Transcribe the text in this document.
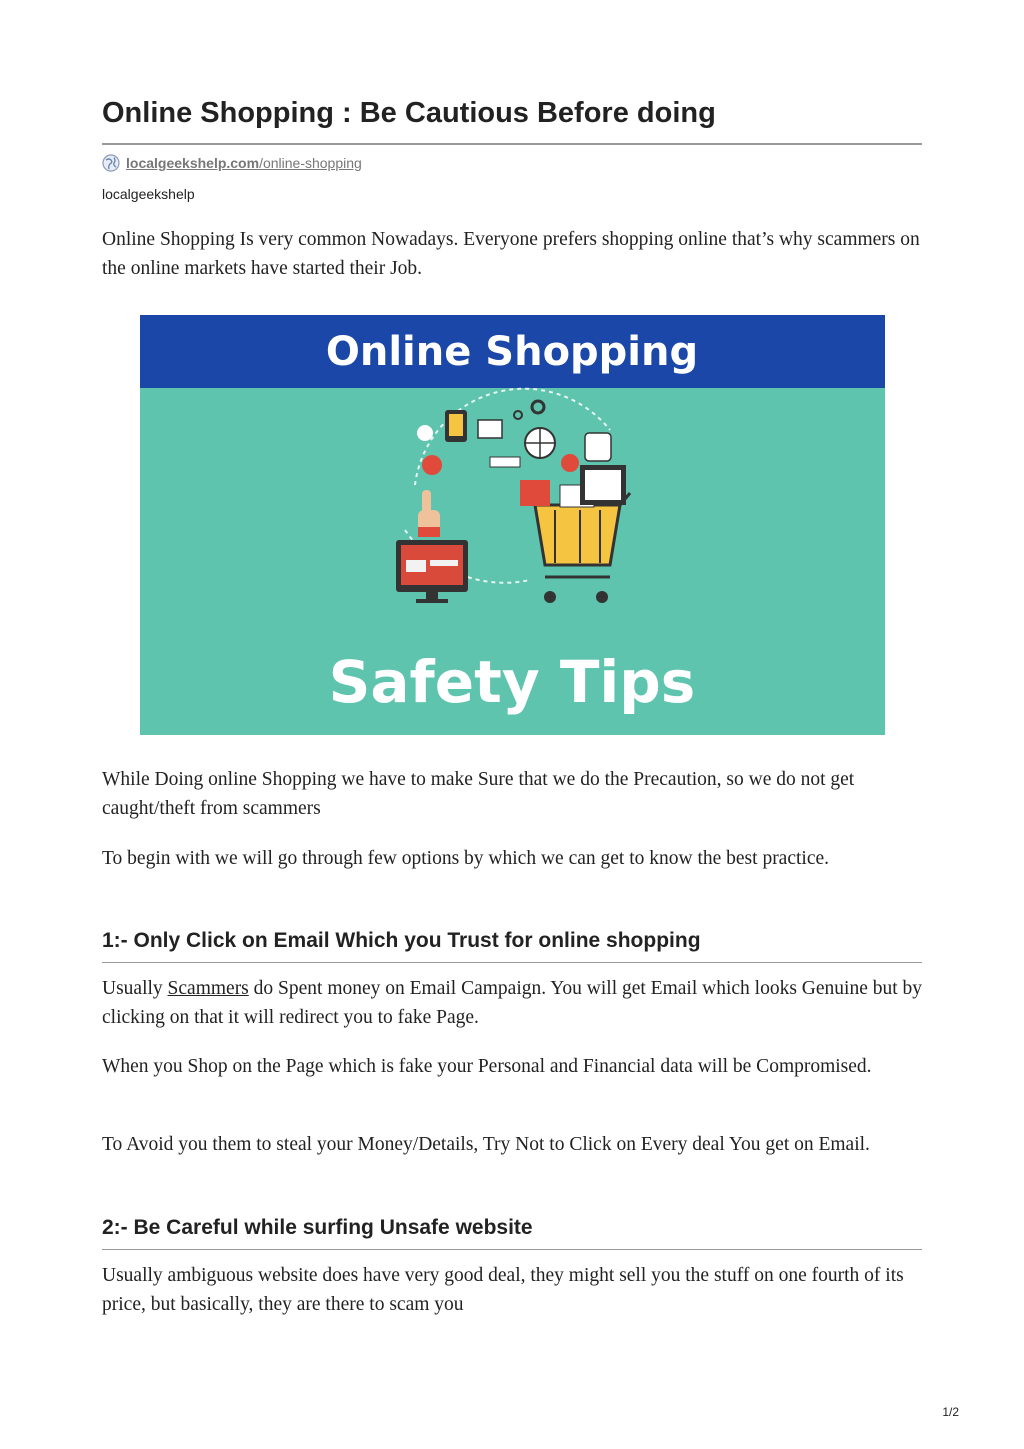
Online Shopping : Be Cautious Before doing
localgeekshelp.com/online-shopping
localgeekshelp

Online Shopping Is very common Nowadays. Everyone prefers shopping online that’s why scammers on the online markets have started their Job.

Online Shopping
Safety Tips

While Doing online Shopping we have to make Sure that we do the Precaution, so we do not get caught/theft from scammers

To begin with we will go through few options by which we can get to know the best practice.

1:- Only Click on Email Which you Trust for online shopping

Usually Scammers do Spent money on Email Campaign. You will get Email which looks Genuine but by clicking on that it will redirect you to fake Page.

When you Shop on the Page which is fake your Personal and Financial data will be Compromised.

To Avoid you them to steal your Money/Details, Try Not to Click on Every deal You get on Email.

2:- Be Careful while surfing Unsafe website

Usually ambiguous website does have very good deal, they might sell you the stuff on one fourth of its price, but basically, they are there to scam you

1/2
